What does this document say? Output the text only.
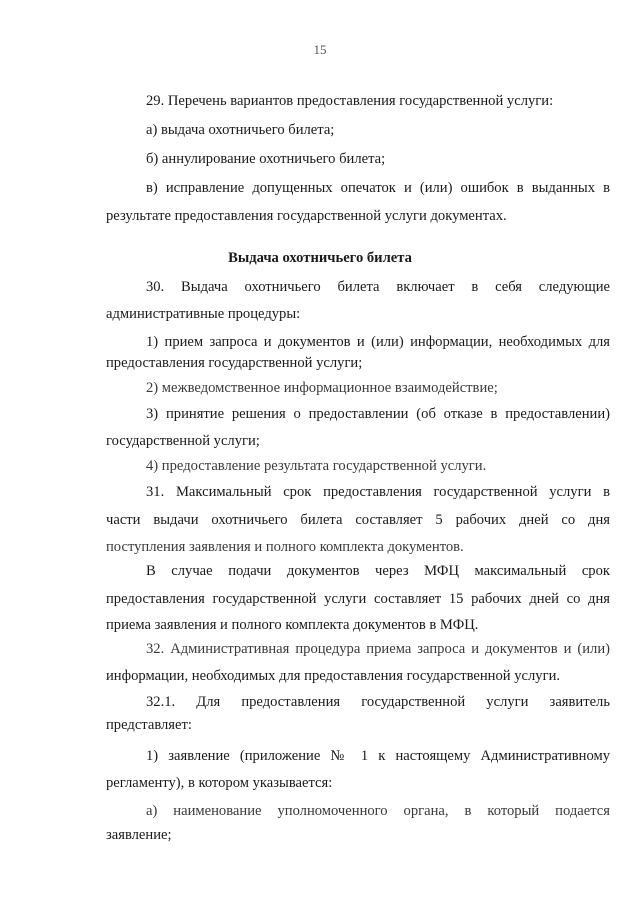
15
29. Перечень вариантов предоставления государственной услуги:
а) выдача охотничьего билета;
б) аннулирование охотничьего билета;
в) исправление допущенных опечаток и (или) ошибок в выданных в
результате предоставления государственной услуги документах.
Выдача охотничьего билета
30. Выдача охотничьего билета включает в себя следующие
административные процедуры:
1) прием запроса и документов и (или) информации, необходимых для
предоставления государственной услуги;
2) межведомственное информационное взаимодействие;
3) принятие решения о предоставлении (об отказе в предоставлении)
государственной услуги;
4) предоставление результата государственной услуги.
31. Максимальный срок предоставления государственной услуги в
части выдачи охотничьего билета составляет 5 рабочих дней со дня
поступления заявления и полного комплекта документов.
В случае подачи документов через МФЦ максимальный срок
предоставления государственной услуги составляет 15 рабочих дней со дня
приема заявления и полного комплекта документов в МФЦ.
32. Административная процедура приема запроса и документов и (или)
информации, необходимых для предоставления государственной услуги.
32.1. Для предоставления государственной услуги заявитель
представляет:
1) заявление (приложение № 1 к настоящему Административному
регламенту), в котором указывается:
а) наименование уполномоченного органа, в который подается
заявление;
